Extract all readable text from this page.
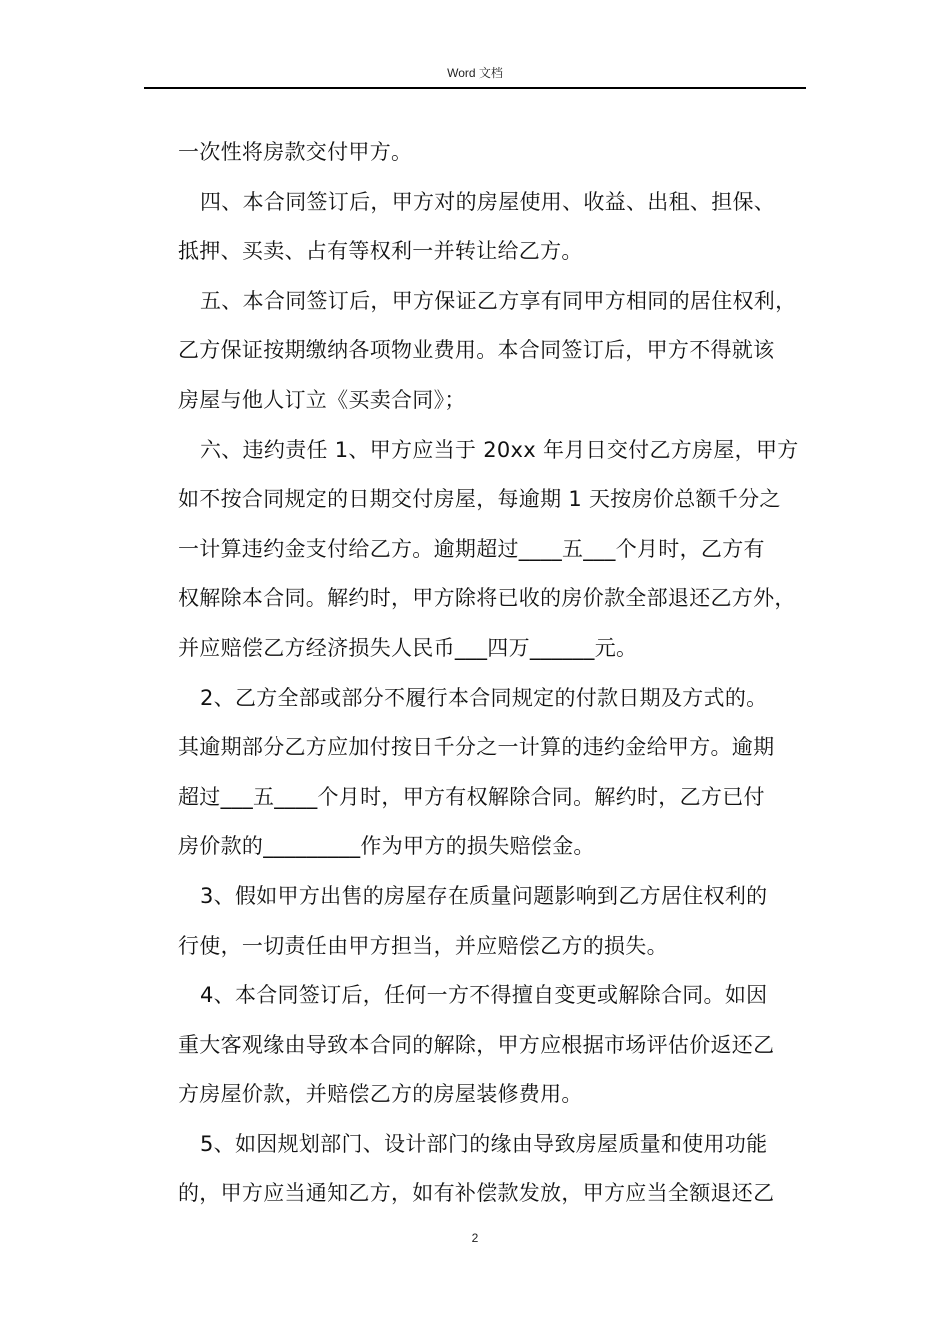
Word 文档
一次性将房款交付甲方。
四、本合同签订后，甲方对的房屋使用、收益、出租、担保、
抵押、买卖、占有等权利一并转让给乙方。
五、本合同签订后，甲方保证乙方享有同甲方相同的居住权利，
乙方保证按期缴纳各项物业费用。本合同签订后，甲方不得就该
房屋与他人订立《买卖合同》；
六、违约责任 1、甲方应当于 20xx 年月日交付乙方房屋，甲方
如不按合同规定的日期交付房屋，每逾期 1 天按房价总额千分之
一计算违约金支付给乙方。逾期超过____五___个月时，乙方有
权解除本合同。解约时，甲方除将已收的房价款全部退还乙方外，
并应赔偿乙方经济损失人民币___四万______元。
2、乙方全部或部分不履行本合同规定的付款日期及方式的。
其逾期部分乙方应加付按日千分之一计算的违约金给甲方。逾期
超过___五____个月时，甲方有权解除合同。解约时，乙方已付
房价款的_________作为甲方的损失赔偿金。
3、假如甲方出售的房屋存在质量问题影响到乙方居住权利的
行使，一切责任由甲方担当，并应赔偿乙方的损失。
4、本合同签订后，任何一方不得擅自变更或解除合同。如因
重大客观缘由导致本合同的解除，甲方应根据市场评估价返还乙
方房屋价款，并赔偿乙方的房屋装修费用。
5、如因规划部门、设计部门的缘由导致房屋质量和使用功能
的，甲方应当通知乙方，如有补偿款发放，甲方应当全额退还乙
2
